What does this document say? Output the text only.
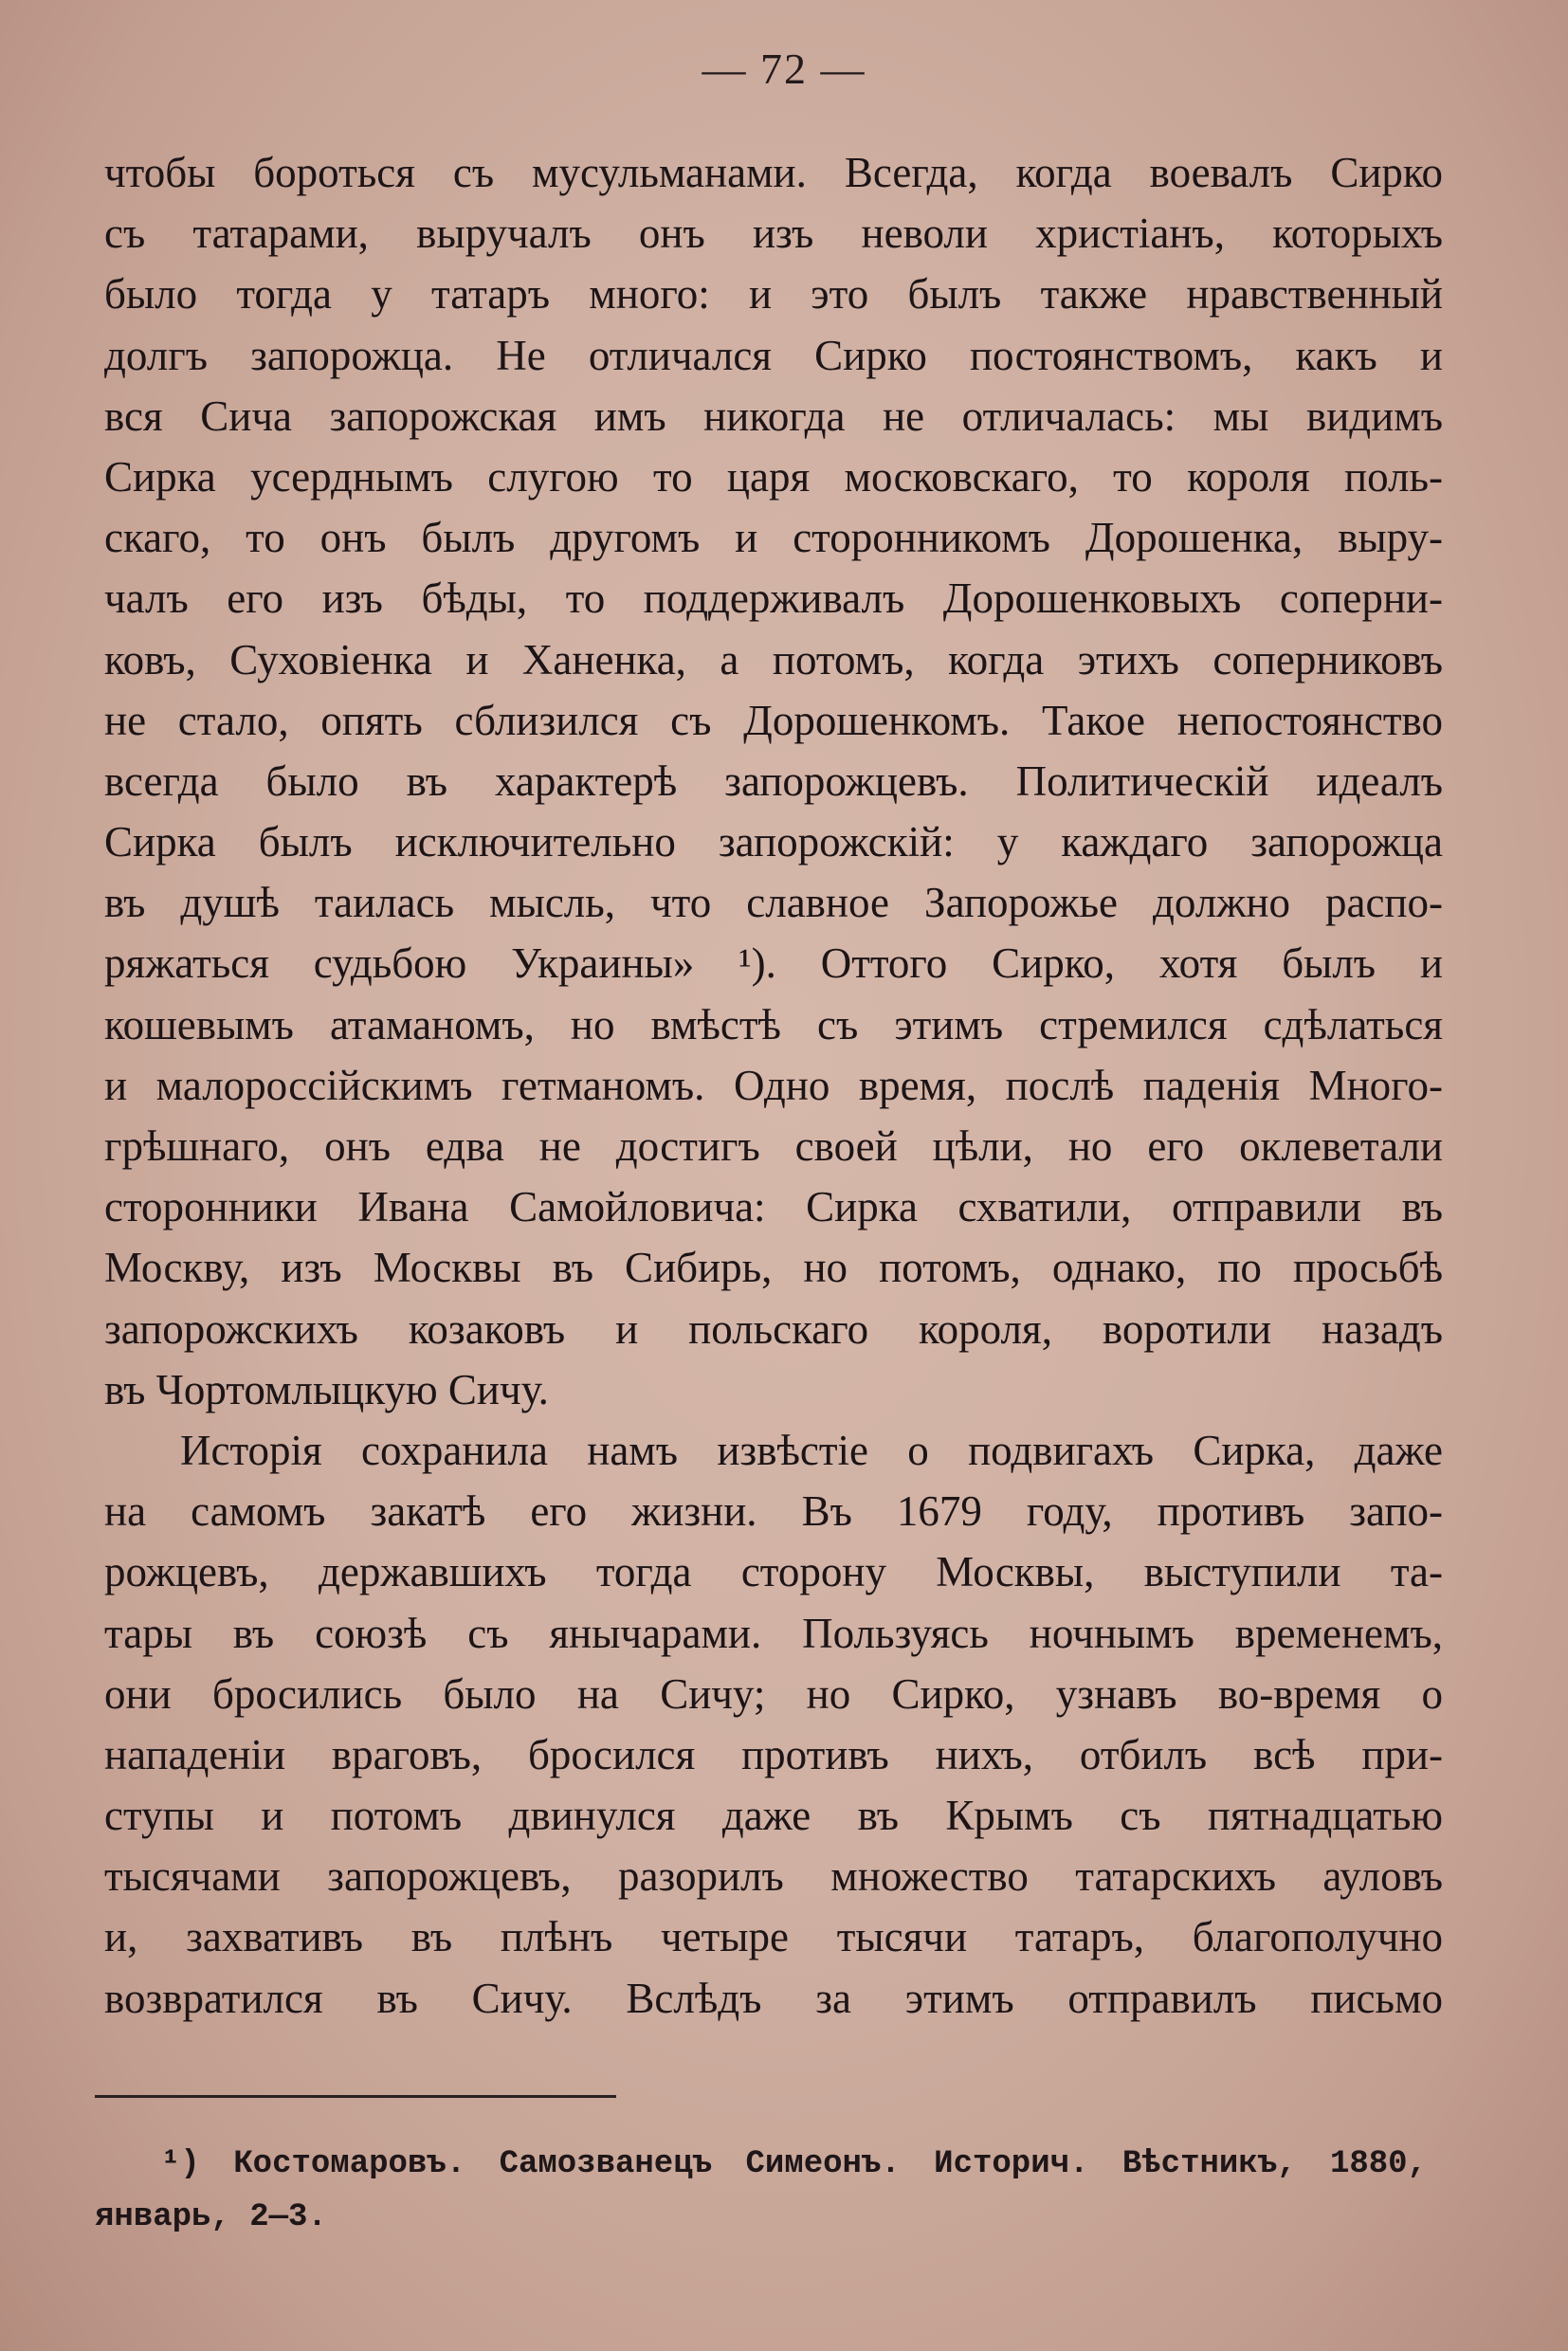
— 72 —
чтобы бороться съ мусульманами. Всегда, когда воевалъ Сирко
съ татарами, выручалъ онъ изъ неволи христіанъ, которыхъ
было тогда у татаръ много: и это былъ также нравственный
долгъ запорожца. Не отличался Сирко постоянствомъ, какъ и
вся Сича запорожская имъ никогда не отличалась: мы видимъ
Сирка усерднымъ слугою то царя московскаго, то короля поль-
скаго, то онъ былъ другомъ и сторонникомъ Дорошенка, выру-
чалъ его изъ бѣды, то поддерживалъ Дорошенковыхъ соперни-
ковъ, Суховіенка и Ханенка, а потомъ, когда этихъ соперниковъ
не стало, опять сблизился съ Дорошенкомъ. Такое непостоянство
всегда было въ характерѣ запорожцевъ. Политическій идеалъ
Сирка былъ исключительно запорожскій: у каждаго запорожца
въ душѣ таилась мысль, что славное Запорожье должно распо-
ряжаться судьбою Украины» ¹). Оттого Сирко, хотя былъ и
кошевымъ атаманомъ, но вмѣстѣ съ этимъ стремился сдѣлаться
и малороссійскимъ гетманомъ. Одно время, послѣ паденія Много-
грѣшнаго, онъ едва не достигъ своей цѣли, но его оклеветали
сторонники Ивана Самойловича: Сирка схватили, отправили въ
Москву, изъ Москвы въ Сибирь, но потомъ, однако, по просьбѣ
запорожскихъ козаковъ и польскаго короля, воротили назадъ
въ Чортомлыцкую Сичу.
Исторія сохранила намъ извѣстіе о подвигахъ Сирка, даже
на самомъ закатѣ его жизни. Въ 1679 году, противъ запо-
рожцевъ, державшихъ тогда сторону Москвы, выступили та-
тары въ союзѣ съ янычарами. Пользуясь ночнымъ временемъ,
они бросились было на Сичу; но Сирко, узнавъ во-время о
нападеніи враговъ, бросился противъ нихъ, отбилъ всѣ при-
ступы и потомъ двинулся даже въ Крымъ съ пятнадцатью
тысячами запорожцевъ, разорилъ множество татарскихъ ауловъ
и, захвативъ въ плѣнъ четыре тысячи татаръ, благополучно
возвратился въ Сичу. Вслѣдъ за этимъ отправилъ письмо
¹) Костомаровъ. Самозванецъ Симеонъ. Историч. Вѣстникъ, 1880,
январь, 2—3.
